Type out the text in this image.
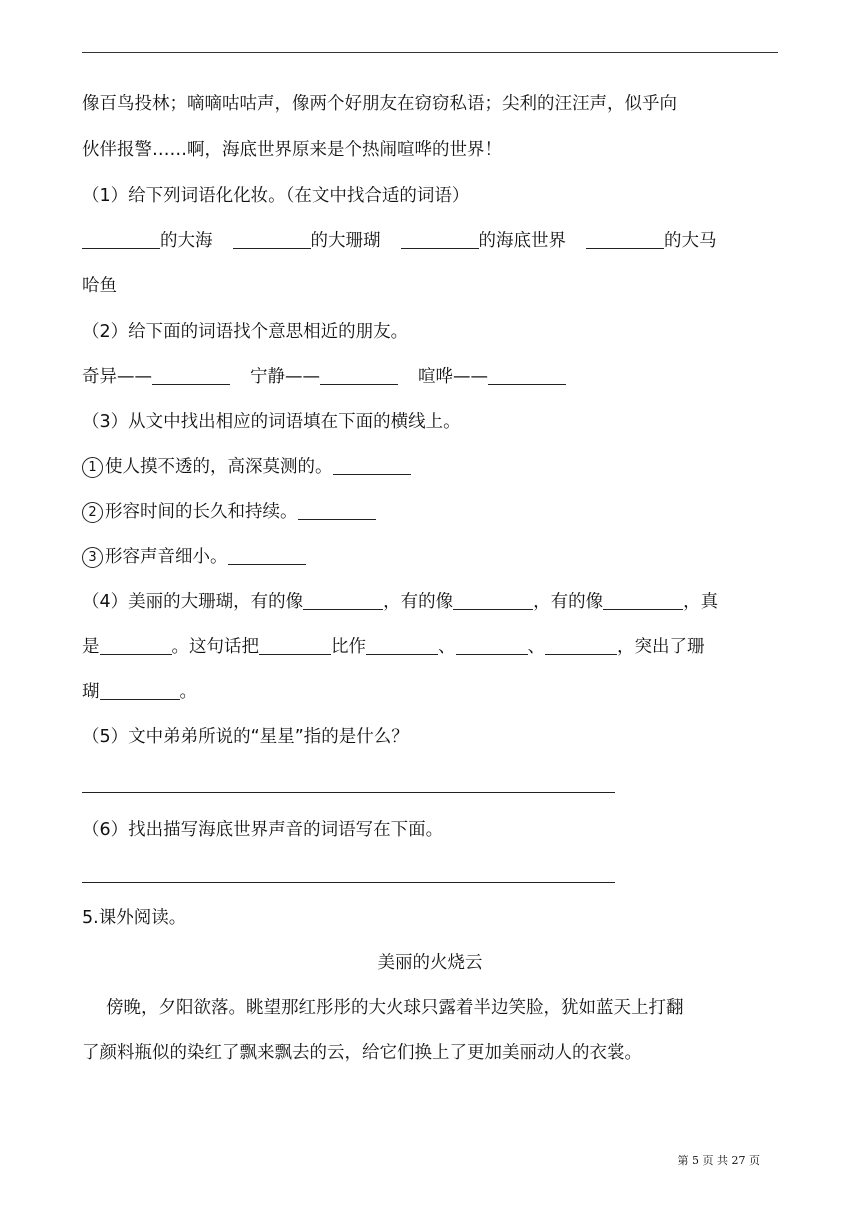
像百鸟投林；嘀嘀咕咕声，像两个好朋友在窃窃私语；尖利的汪汪声，似乎向
伙伴报警……啊，海底世界原来是个热闹喧哗的世界！
（1）给下列词语化化妆。（在文中找合适的词语）
的大海	的大珊瑚	的海底世界	的大马
哈鱼
（2）给下面的词语找个意思相近的朋友。
奇异——	宁静——	喧哗——
（3）从文中找出相应的词语填在下面的横线上。
1 使人摸不透的，高深莫测的。
2 形容时间的长久和持续。
3 形容声音细小。
（4）美丽的大珊瑚，有的像	，有的像	，有的像	，真
是	。这句话把	比作	、	、	，突出了珊
瑚	。
（5）文中弟弟所说的“星星”指的是什么？
（6）找出描写海底世界声音的词语写在下面。
5.课外阅读。
美丽的火烧云
傍晚，夕阳欲落。眺望那红彤彤的大火球只露着半边笑脸，犹如蓝天上打翻
了颜料瓶似的染红了飘来飘去的云，给它们换上了更加美丽动人的衣裳。
第 5 页 共 27 页
